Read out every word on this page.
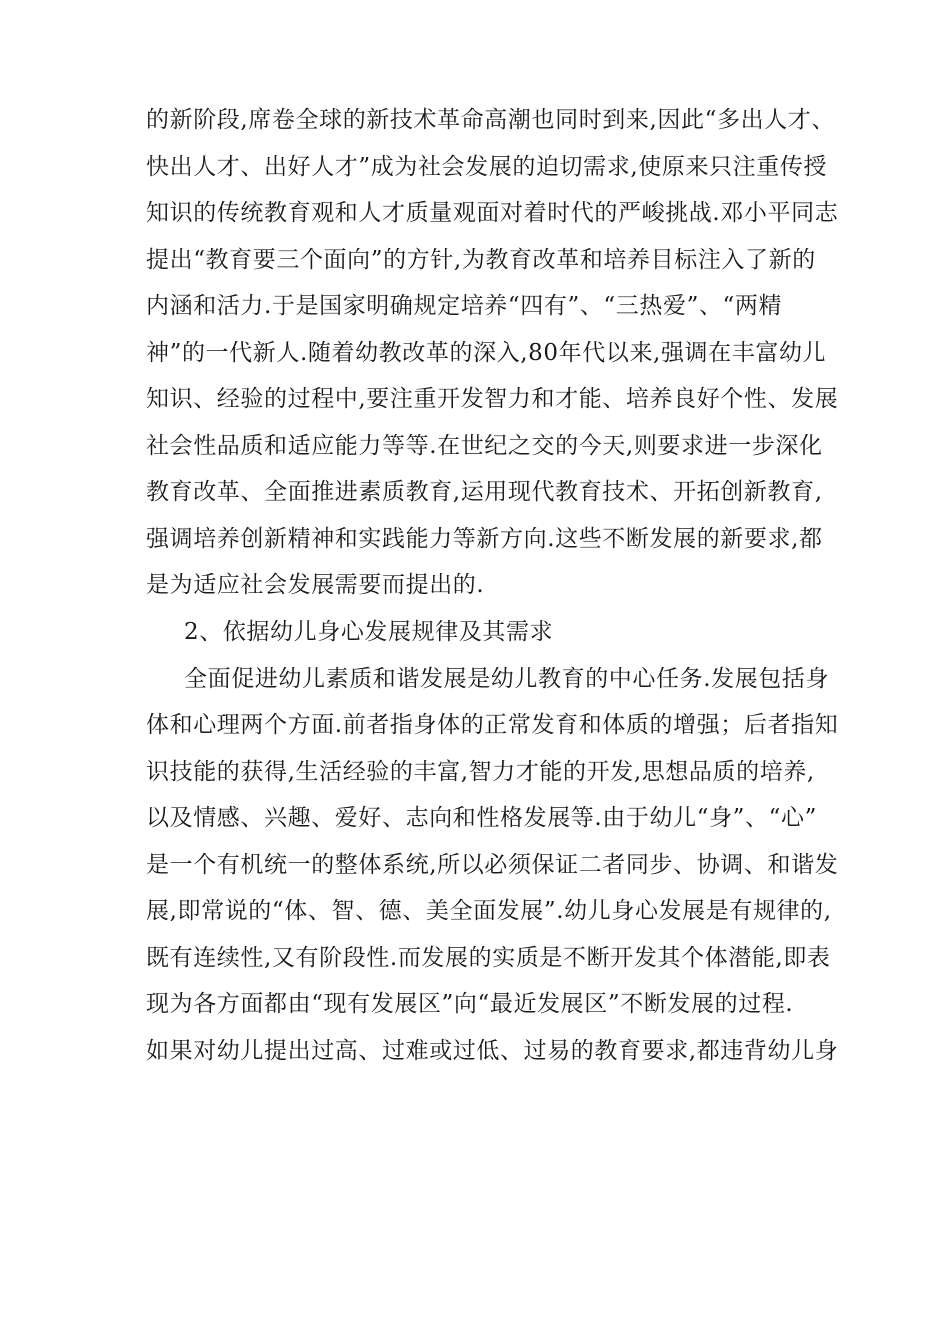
的新阶段,席卷全球的新技术革命高潮也同时到来,因此“多出人才、
快出人才、出好人才”成为社会发展的迫切需求,使原来只注重传授
知识的传统教育观和人才质量观面对着时代的严峻挑战.邓小平同志
提出“教育要三个面向”的方针,为教育改革和培养目标注入了新的
内涵和活力.于是国家明确规定培养“四有”、“三热爱”、“两精
神”的一代新人.随着幼教改革的深入,80年代以来,强调在丰富幼儿
知识、经验的过程中,要注重开发智力和才能、培养良好个性、发展
社会性品质和适应能力等等.在世纪之交的今天,则要求进一步深化
教育改革、全面推进素质教育,运用现代教育技术、开拓创新教育,
强调培养创新精神和实践能力等新方向.这些不断发展的新要求,都
是为适应社会发展需要而提出的.
2、依据幼儿身心发展规律及其需求
全面促进幼儿素质和谐发展是幼儿教育的中心任务.发展包括身
体和心理两个方面.前者指身体的正常发育和体质的增强；后者指知
识技能的获得,生活经验的丰富,智力才能的开发,思想品质的培养,
以及情感、兴趣、爱好、志向和性格发展等.由于幼儿“身”、“心”
是一个有机统一的整体系统,所以必须保证二者同步、协调、和谐发
展,即常说的“体、智、德、美全面发展”.幼儿身心发展是有规律的,
既有连续性,又有阶段性.而发展的实质是不断开发其个体潜能,即表
现为各方面都由“现有发展区”向“最近发展区”不断发展的过程.
如果对幼儿提出过高、过难或过低、过易的教育要求,都违背幼儿身
